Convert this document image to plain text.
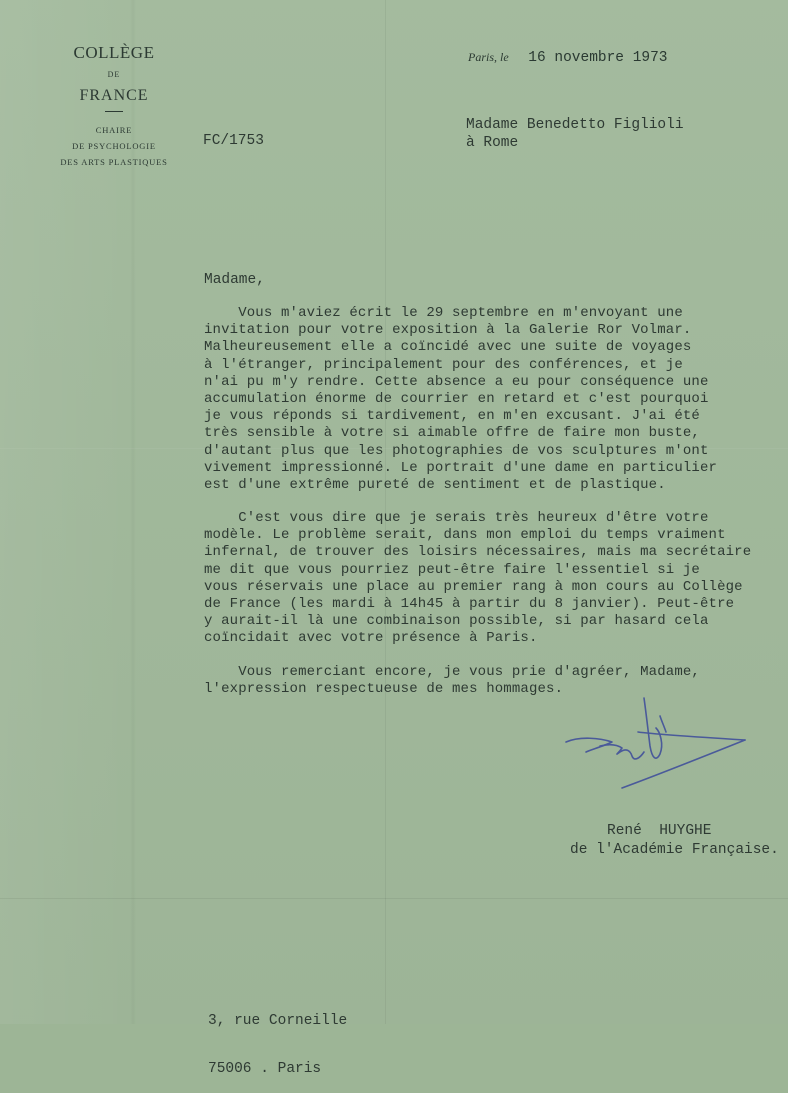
COLLÈGE
DE
FRANCE
CHAIRE
DE PSYCHOLOGIE
DES ARTS PLASTIQUES
Paris, le 16 novembre 1973
FC/1753
Madame Benedetto Figlioli
à Rome
Madame,
Vous m'aviez écrit le 29 septembre en m'envoyant une
invitation pour votre exposition à la Galerie Ror Volmar.
Malheureusement elle a coïncidé avec une suite de voyages
à l'étranger, principalement pour des conférences, et je
n'ai pu m'y rendre. Cette absence a eu pour conséquence une
accumulation énorme de courrier en retard et c'est pourquoi
je vous réponds si tardivement, en m'en excusant. J'ai été
très sensible à votre si aimable offre de faire mon buste,
d'autant plus que les photographies de vos sculptures m'ont
vivement impressionné. Le portrait d'une dame en particulier
est d'une extrême pureté de sentiment et de plastique.
C'est vous dire que je serais très heureux d'être votre
modèle. Le problème serait, dans mon emploi du temps vraiment
infernal, de trouver des loisirs nécessaires, mais ma secrétaire
me dit que vous pourriez peut-être faire l'essentiel si je
vous réservais une place au premier rang à mon cours au Collège
de France (les mardi à 14h45 à partir du 8 janvier). Peut-être
y aurait-il là une combinaison possible, si par hasard cela
coïncidait avec votre présence à Paris.
Vous remerciant encore, je vous prie d'agréer, Madame,
l'expression respectueuse de mes hommages.
René  HUYGHE
de l'Académie Française.

3, rue Corneille

75006 . Paris
